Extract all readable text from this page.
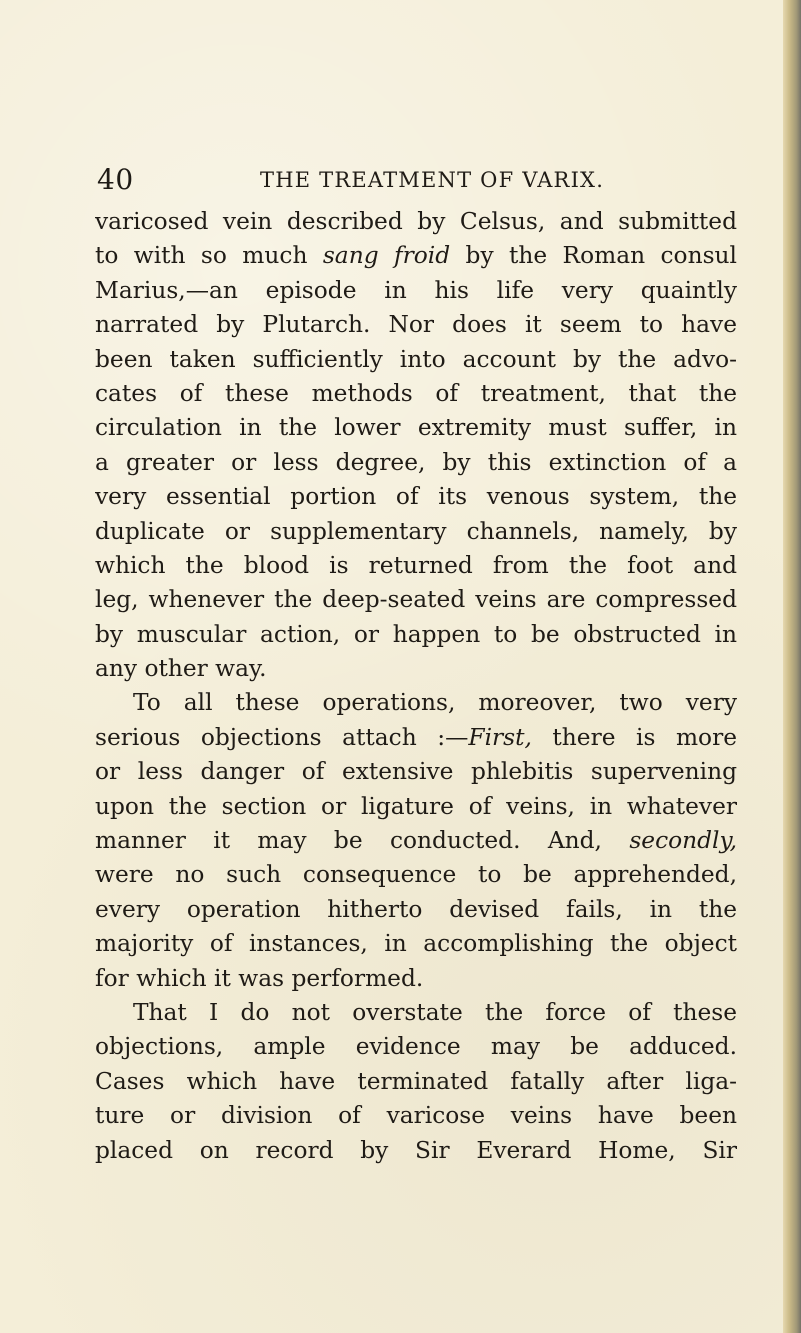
40	THE TREATMENT OF VARIX.
varicosed vein described by Celsus, and submitted
to with so much sang froid by the Roman consul
Marius,—an episode in his life very quaintly
narrated by Plutarch. Nor does it seem to have
been taken sufficiently into account by the advo-
cates of these methods of treatment, that the
circulation in the lower extremity must suffer, in
a greater or less degree, by this extinction of a
very essential portion of its venous system, the
duplicate or supplementary channels, namely, by
which the blood is returned from the foot and
leg, whenever the deep-seated veins are compressed
by muscular action, or happen to be obstructed in
any other way.
To all these operations, moreover, two very
serious objections attach :—First, there is more
or less danger of extensive phlebitis supervening
upon the section or ligature of veins, in whatever
manner it may be conducted. And, secondly,
were no such consequence to be apprehended,
every operation hitherto devised fails, in the
majority of instances, in accomplishing the object
for which it was performed.
That I do not overstate the force of these
objections, ample evidence may be adduced.
Cases which have terminated fatally after liga-
ture or division of varicose veins have been
placed on record by Sir Everard Home, Sir
